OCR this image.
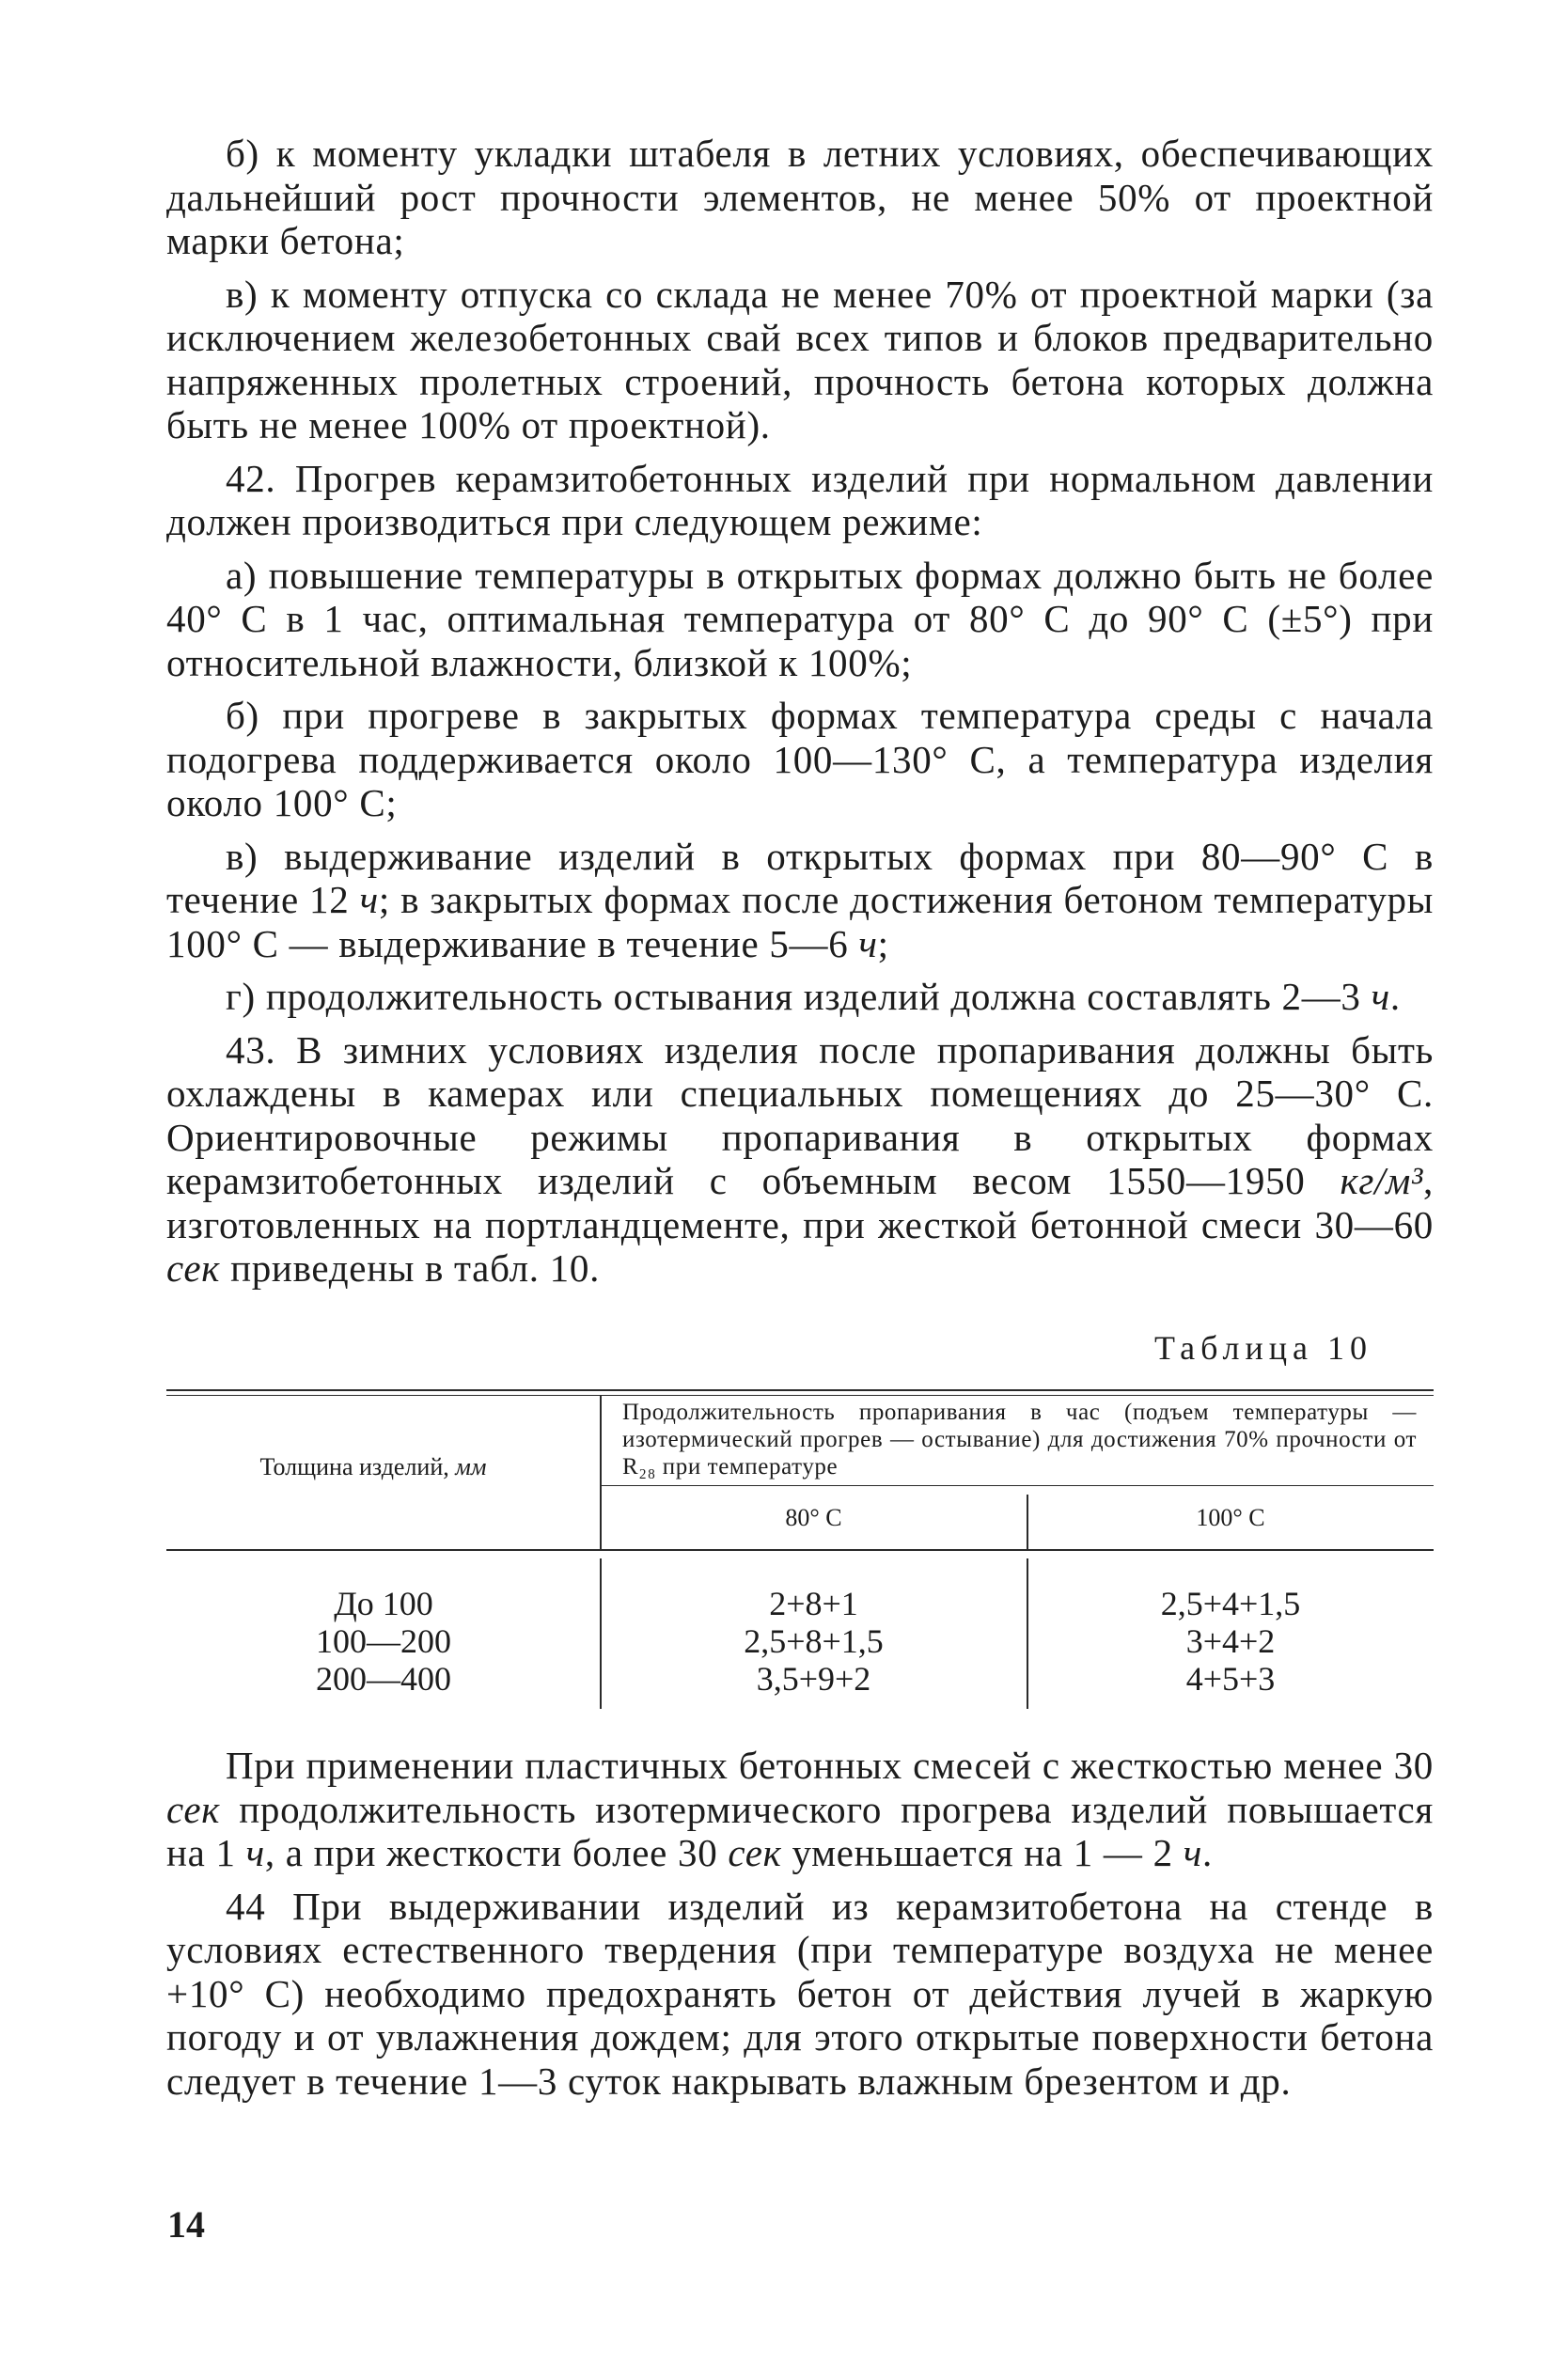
б) к моменту укладки штабеля в летних условиях, обеспечивающих дальнейший рост прочности элементов, не менее 50% от проектной марки бетона;

в) к моменту отпуска со склада не менее 70% от проектной марки (за исключением железобетонных свай всех типов и блоков предварительно напряженных пролетных строений, прочность бетона которых должна быть не менее 100% от проектной).

42. Прогрев керамзитобетонных изделий при нормальном давлении должен производиться при следующем режиме:

а) повышение температуры в открытых формах должно быть не более 40° С в 1 час, оптимальная температура от 80° С до 90° С (±5°) при относительной влажности, близкой к 100%;

б) при прогреве в закрытых формах температура среды с начала подогрева поддерживается около 100—130° С, а температура изделия около 100° С;

в) выдерживание изделий в открытых формах при 80—90° С в течение 12 ч; в закрытых формах после достижения бетоном температуры 100° С — выдерживание в течение 5—6 ч;

г) продолжительность остывания изделий должна составлять 2—3 ч.

43. В зимних условиях изделия после пропаривания должны быть охлаждены в камерах или специальных помещениях до 25—30° С. Ориентировочные режимы пропаривания в открытых формах керамзитобетонных изделий с объемным весом 1550—1950 кг/м³, изготовленных на портландцементе, при жесткой бетонной смеси 30—60 сек приведены в табл. 10.

Таблица 10

Толщина изделий, мм

Продолжительность пропаривания в час (подъем температуры — изотермический прогрев — остывание) для достижения 70% прочности от R₂₈ при температуре

80° С	100° С

До 100
100—200
200—400
2+8+1
2,5+8+1,5
3,5+9+2
2,5+4+1,5
3+4+2
4+5+3

При применении пластичных бетонных смесей с жесткостью менее 30 сек продолжительность изотермического прогрева изделий повышается на 1 ч, а при жесткости более 30 сек уменьшается на 1 — 2 ч.

44 При выдерживании изделий из керамзитобетона на стенде в условиях естественного твердения (при температуре воздуха не менее +10° С) необходимо предохранять бетон от действия лучей в жаркую погоду и от увлажнения дождем; для этого открытые поверхности бетона следует в течение 1—3 суток накрывать влажным брезентом и др.

14
